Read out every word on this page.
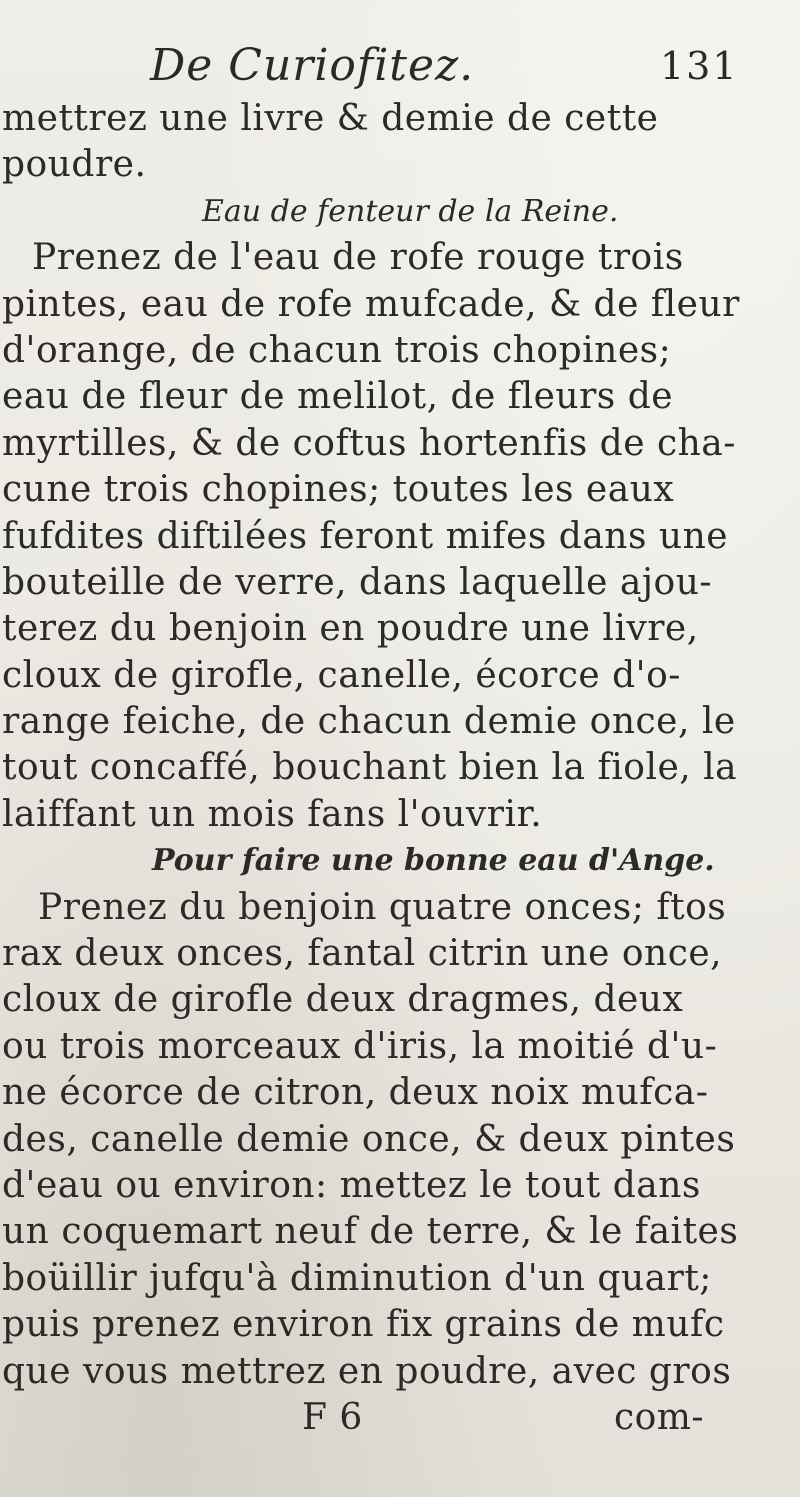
De Curiofitez.	131
mettrez une livre & demie de cette
poudre.
Eau de fenteur de la Reine.
Prenez de l'eau de rofe rouge trois
pintes, eau de rofe mufcade, & de fleur
d'orange, de chacun trois chopines;
eau de fleur de melilot, de fleurs de
myrtilles, & de coftus hortenfis de cha-
cune trois chopines; toutes les eaux
fufdites diftilées feront mifes dans une
bouteille de verre, dans laquelle ajou-
terez du benjoin en poudre une livre,
cloux de girofle, canelle, écorce d'o-
range feiche, de chacun demie once, le
tout concaffé, bouchant bien la fiole, la
laiffant un mois fans l'ouvrir.
Pour faire une bonne eau d'Ange.
Prenez du benjoin quatre onces; ftos
rax deux onces, fantal citrin une once,
cloux de girofle deux dragmes, deux
ou trois morceaux d'iris, la moitié d'u-
ne écorce de citron, deux noix mufca-
des, canelle demie once, & deux pintes
d'eau ou environ: mettez le tout dans
un coquemart neuf de terre, & le faites
boüillir jufqu'à diminution d'un quart;
puis prenez environ fix grains de mufc
que vous mettrez en poudre, avec gros
F 6	com-
